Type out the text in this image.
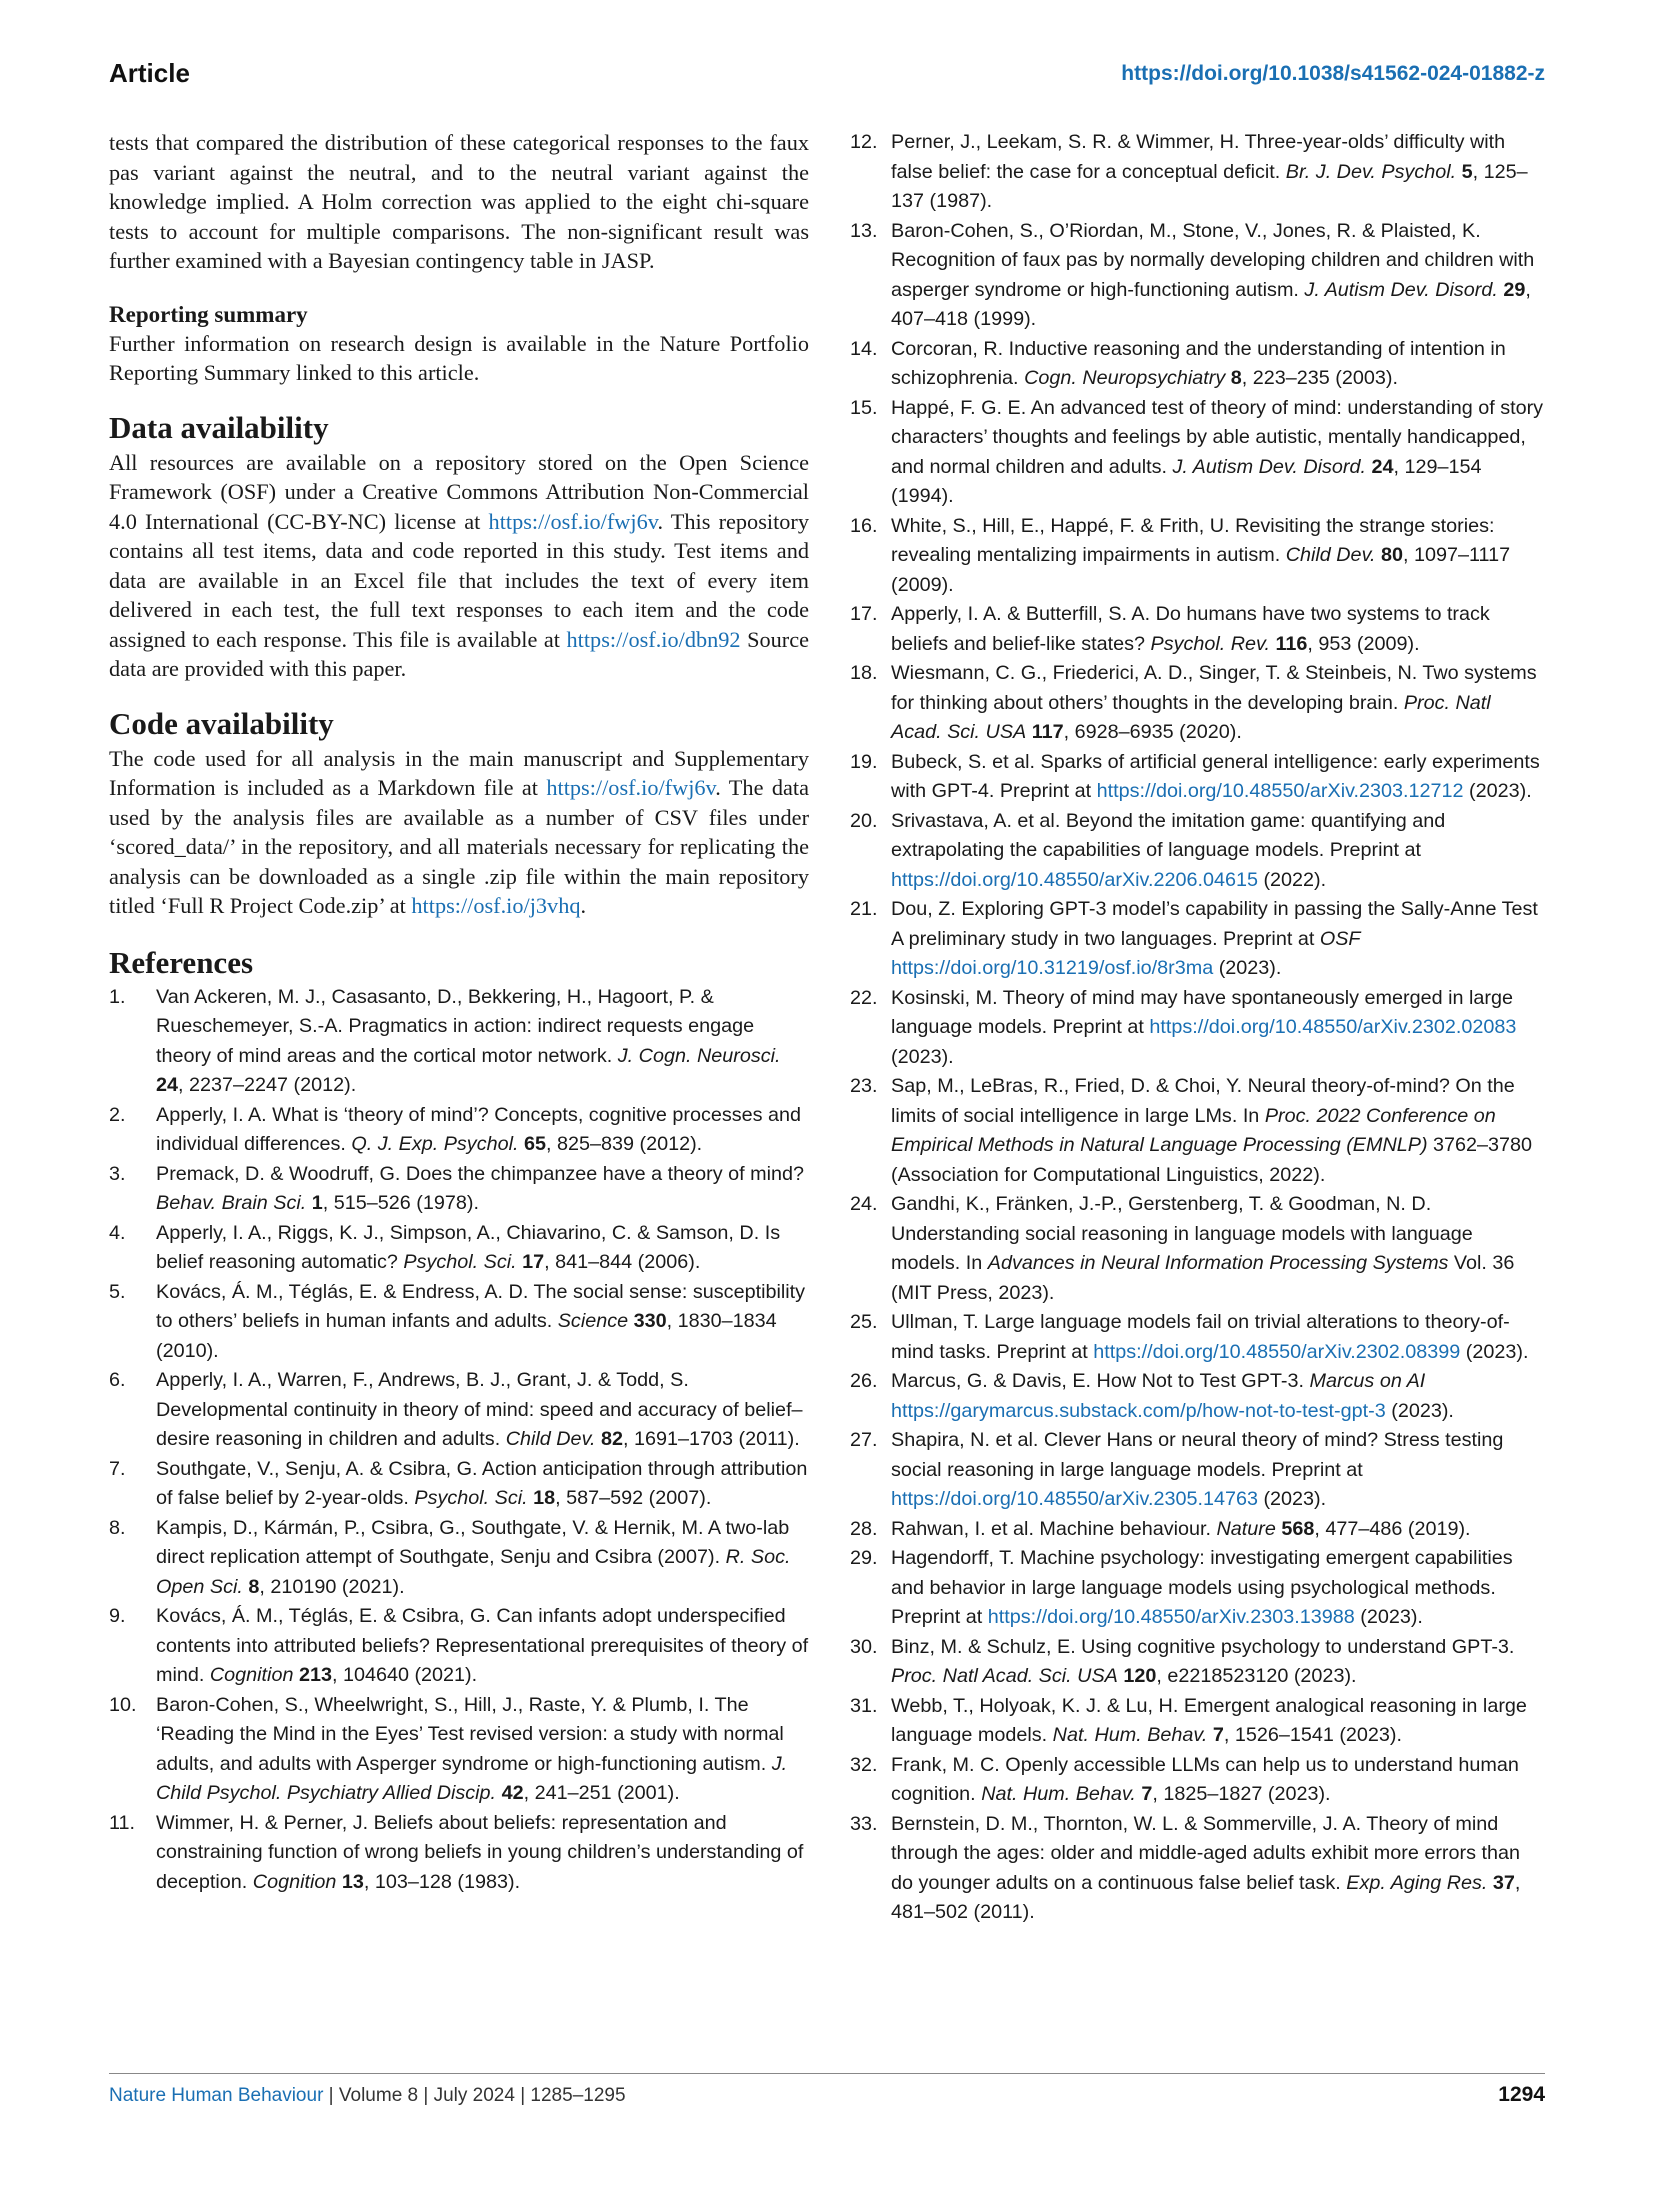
Article	https://doi.org/10.1038/s41562-024-01882-z

tests that compared the distribution of these categorical responses to the faux pas variant against the neutral, and to the neutral variant against the knowledge implied. A Holm correction was applied to the eight chi-square tests to account for multiple comparisons. The non-significant result was further examined with a Bayesian contingency table in JASP.

Reporting summary

Further information on research design is available in the Nature Portfolio Reporting Summary linked to this article.

Data availability

All resources are available on a repository stored on the Open Science Framework (OSF) under a Creative Commons Attribution Non-Commercial 4.0 International (CC-BY-NC) license at https://osf.io/fwj6v. This repository contains all test items, data and code reported in this study. Test items and data are available in an Excel file that includes the text of every item delivered in each test, the full text responses to each item and the code assigned to each response. This file is available at https://osf.io/dbn92 Source data are provided with this paper.

Code availability

The code used for all analysis in the main manuscript and Supplementary Information is included as a Markdown file at https://osf.io/fwj6v. The data used by the analysis files are available as a number of CSV files under ‘scored_data/’ in the repository, and all materials necessary for replicating the analysis can be downloaded as a single .zip file within the main repository titled ‘Full R Project Code.zip’ at https://osf.io/j3vhq.

References
1.	Van Ackeren, M. J., Casasanto, D., Bekkering, H., Hagoort, P. & Rueschemeyer, S.-A. Pragmatics in action: indirect requests engage theory of mind areas and the cortical motor network. J. Cogn. Neurosci. 24, 2237–2247 (2012).
2.	Apperly, I. A. What is ‘theory of mind’? Concepts, cognitive processes and individual differences. Q. J. Exp. Psychol. 65, 825–839 (2012).
3.	Premack, D. & Woodruff, G. Does the chimpanzee have a theory of mind? Behav. Brain Sci. 1, 515–526 (1978).
4.	Apperly, I. A., Riggs, K. J., Simpson, A., Chiavarino, C. & Samson, D. Is belief reasoning automatic? Psychol. Sci. 17, 841–844 (2006).
5.	Kovács, Á. M., Téglás, E. & Endress, A. D. The social sense: susceptibility to others’ beliefs in human infants and adults. Science 330, 1830–1834 (2010).
6.	Apperly, I. A., Warren, F., Andrews, B. J., Grant, J. & Todd, S. Developmental continuity in theory of mind: speed and accuracy of belief–desire reasoning in children and adults. Child Dev. 82, 1691–1703 (2011).
7.	Southgate, V., Senju, A. & Csibra, G. Action anticipation through attribution of false belief by 2-year-olds. Psychol. Sci. 18, 587–592 (2007).
8.	Kampis, D., Kármán, P., Csibra, G., Southgate, V. & Hernik, M. A two-lab direct replication attempt of Southgate, Senju and Csibra (2007). R. Soc. Open Sci. 8, 210190 (2021).
9.	Kovács, Á. M., Téglás, E. & Csibra, G. Can infants adopt underspecified contents into attributed beliefs? Representational prerequisites of theory of mind. Cognition 213, 104640 (2021).
10. Baron-Cohen, S., Wheelwright, S., Hill, J., Raste, Y. & Plumb, I. The ‘Reading the Mind in the Eyes’ Test revised version: a study with normal adults, and adults with Asperger syndrome or high-functioning autism. J. Child Psychol. Psychiatry Allied Discip. 42, 241–251 (2001).
11.	Wimmer, H. & Perner, J. Beliefs about beliefs: representation and constraining function of wrong beliefs in young children’s understanding of deception. Cognition 13, 103–128 (1983).
12. Perner, J., Leekam, S. R. & Wimmer, H. Three-year-olds’ difficulty with false belief: the case for a conceptual deficit. Br. J. Dev. Psychol. 5, 125–137 (1987).
13. Baron-Cohen, S., O’Riordan, M., Stone, V., Jones, R. & Plaisted, K. Recognition of faux pas by normally developing children and children with asperger syndrome or high-functioning autism. J. Autism Dev. Disord. 29, 407–418 (1999).
14. Corcoran, R. Inductive reasoning and the understanding of intention in schizophrenia. Cogn. Neuropsychiatry 8, 223–235 (2003).
15. Happé, F. G. E. An advanced test of theory of mind: understanding of story characters’ thoughts and feelings by able autistic, mentally handicapped, and normal children and adults. J. Autism Dev. Disord. 24, 129–154 (1994).
16. White, S., Hill, E., Happé, F. & Frith, U. Revisiting the strange stories: revealing mentalizing impairments in autism. Child Dev. 80, 1097–1117 (2009).
17. Apperly, I. A. & Butterfill, S. A. Do humans have two systems to track beliefs and belief-like states? Psychol. Rev. 116, 953 (2009).
18. Wiesmann, C. G., Friederici, A. D., Singer, T. & Steinbeis, N. Two systems for thinking about others’ thoughts in the developing brain. Proc. Natl Acad. Sci. USA 117, 6928–6935 (2020).
19. Bubeck, S. et al. Sparks of artificial general intelligence: early experiments with GPT-4. Preprint at https://doi.org/10.48550/arXiv.2303.12712 (2023).
20. Srivastava, A. et al. Beyond the imitation game: quantifying and extrapolating the capabilities of language models. Preprint at https://doi.org/10.48550/arXiv.2206.04615 (2022).
21. Dou, Z. Exploring GPT-3 model’s capability in passing the Sally-Anne Test A preliminary study in two languages. Preprint at OSF https://doi.org/10.31219/osf.io/8r3ma (2023).
22. Kosinski, M. Theory of mind may have spontaneously emerged in large language models. Preprint at https://doi.org/10.48550/arXiv.2302.02083 (2023).
23. Sap, M., LeBras, R., Fried, D. & Choi, Y. Neural theory-of-mind? On the limits of social intelligence in large LMs. In Proc. 2022 Conference on Empirical Methods in Natural Language Processing (EMNLP) 3762–3780 (Association for Computational Linguistics, 2022).
24. Gandhi, K., Fränken, J.-P., Gerstenberg, T. & Goodman, N. D. Understanding social reasoning in language models with language models. In Advances in Neural Information Processing Systems Vol. 36 (MIT Press, 2023).
25. Ullman, T. Large language models fail on trivial alterations to theory-of-mind tasks. Preprint at https://doi.org/10.48550/arXiv.2302.08399 (2023).
26. Marcus, G. & Davis, E. How Not to Test GPT-3. Marcus on AI https://garymarcus.substack.com/p/how-not-to-test-gpt-3 (2023).
27. Shapira, N. et al. Clever Hans or neural theory of mind? Stress testing social reasoning in large language models. Preprint at https://doi.org/10.48550/arXiv.2305.14763 (2023).
28. Rahwan, I. et al. Machine behaviour. Nature 568, 477–486 (2019).
29. Hagendorff, T. Machine psychology: investigating emergent capabilities and behavior in large language models using psychological methods. Preprint at https://doi.org/10.48550/arXiv.2303.13988 (2023).
30. Binz, M. & Schulz, E. Using cognitive psychology to understand GPT-3. Proc. Natl Acad. Sci. USA 120, e2218523120 (2023).
31. Webb, T., Holyoak, K. J. & Lu, H. Emergent analogical reasoning in large language models. Nat. Hum. Behav. 7, 1526–1541 (2023).
32. Frank, M. C. Openly accessible LLMs can help us to understand human cognition. Nat. Hum. Behav. 7, 1825–1827 (2023).
33. Bernstein, D. M., Thornton, W. L. & Sommerville, J. A. Theory of mind through the ages: older and middle-aged adults exhibit more errors than do younger adults on a continuous false belief task. Exp. Aging Res. 37, 481–502 (2011).
Nature Human Behaviour | Volume 8 | July 2024 | 1285–1295	1294
